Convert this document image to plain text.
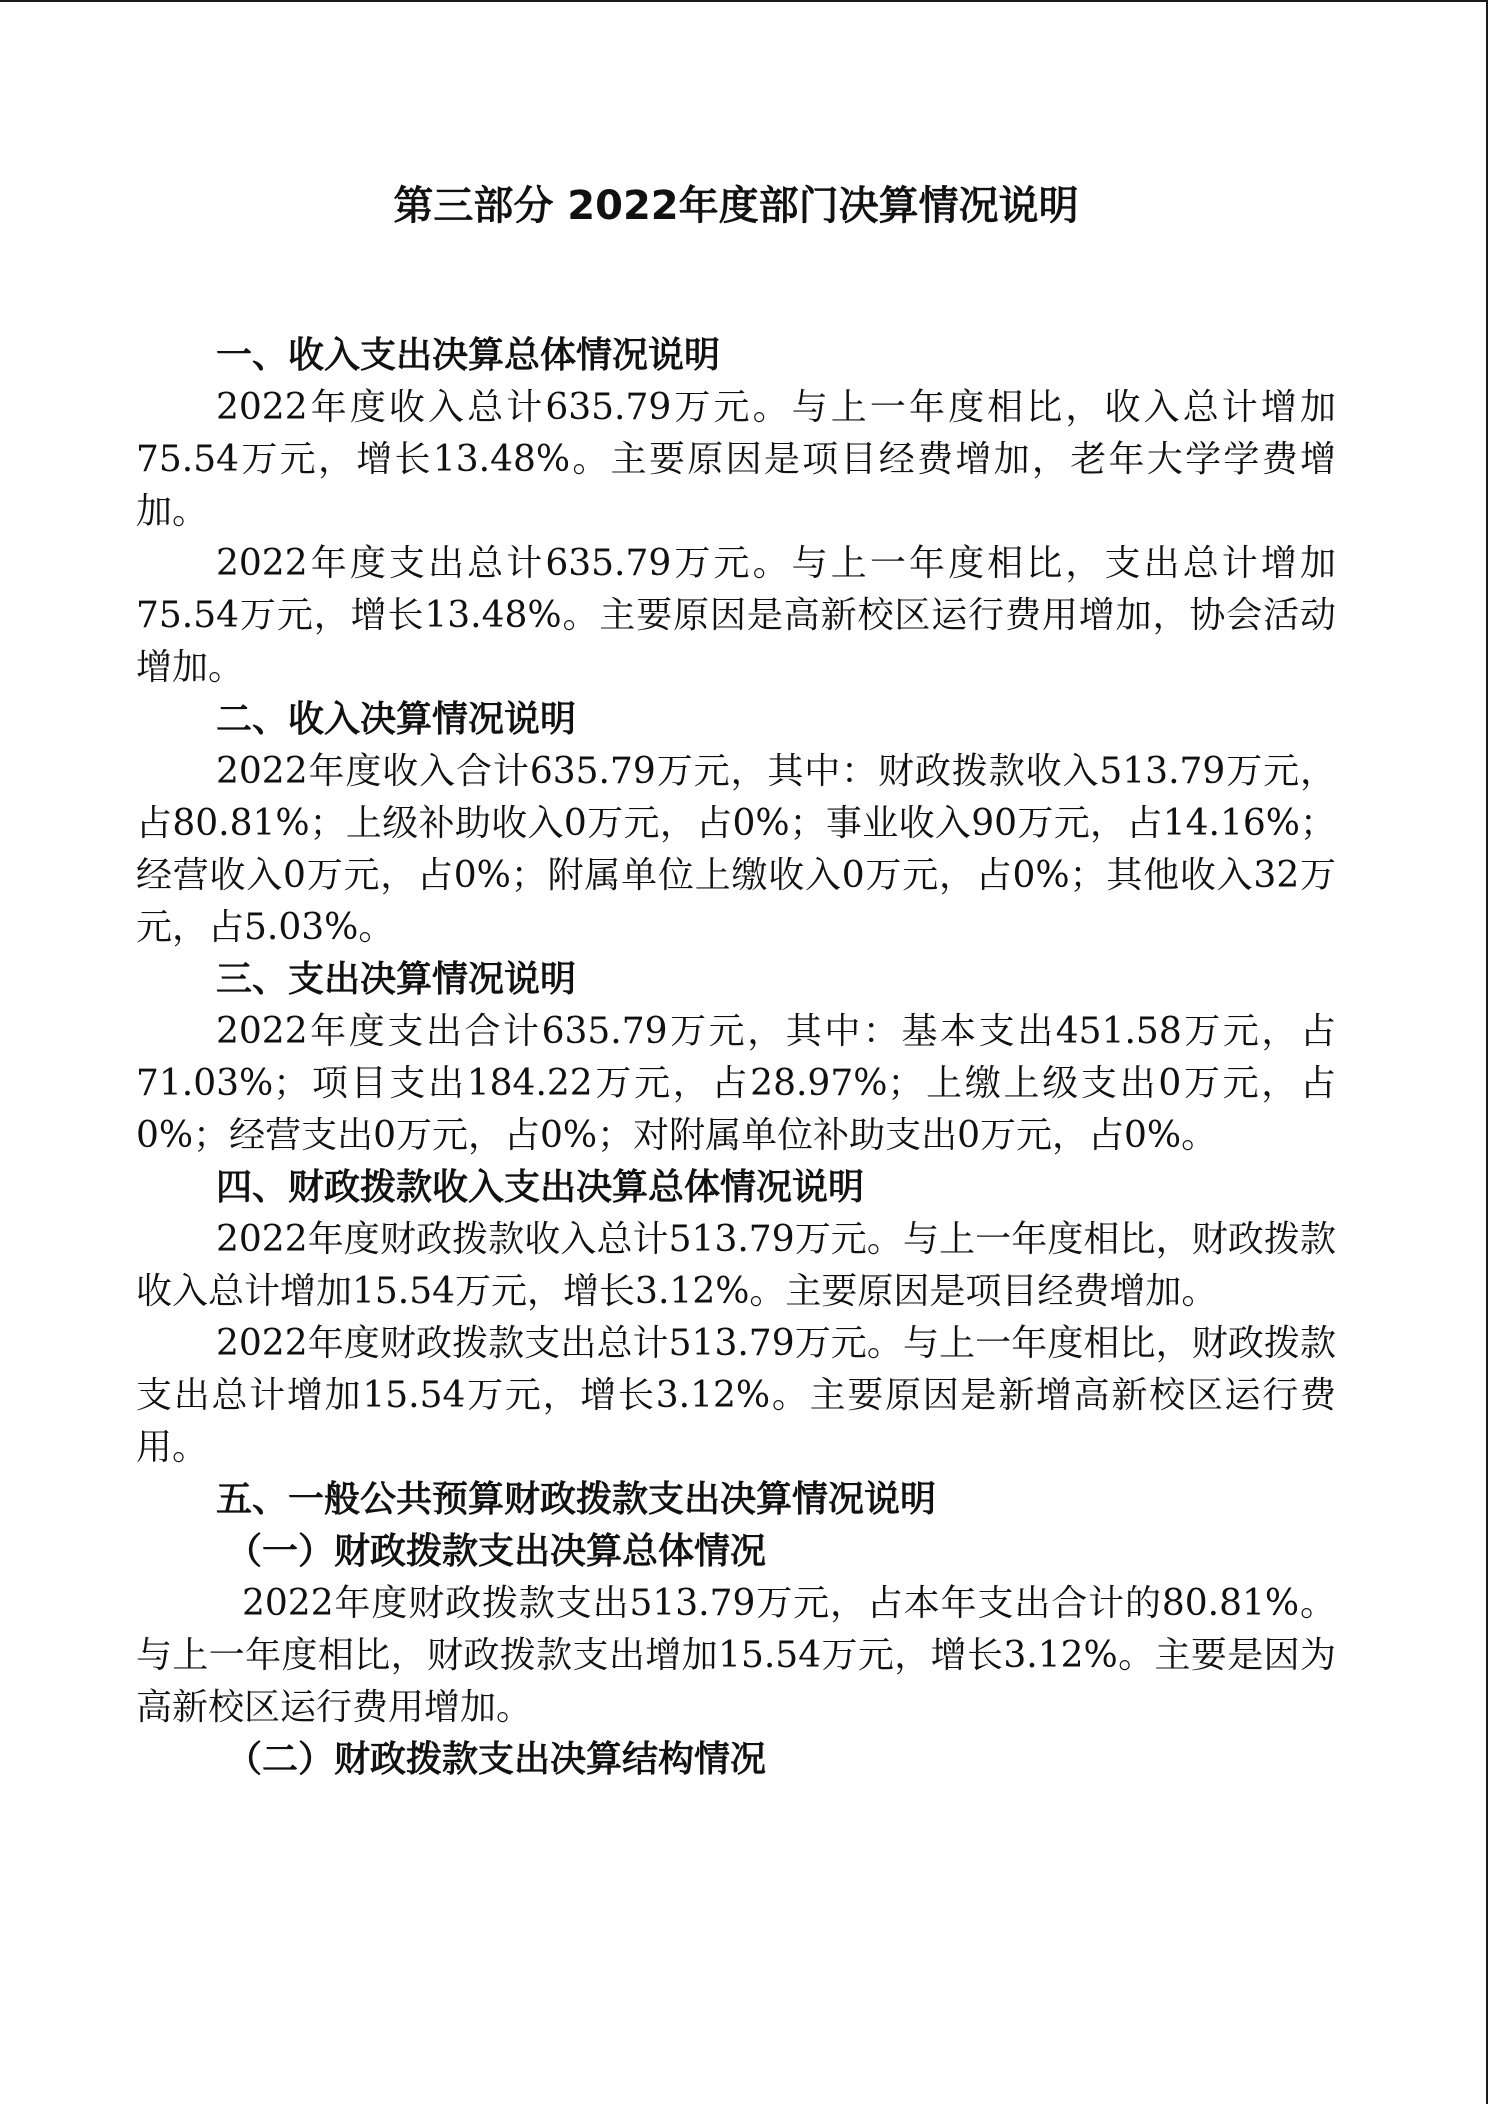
第三部分 2022年度部门决算情况说明

一、收入支出决算总体情况说明

2022年度收入总计635.79万元。与上一年度相比，收入总计增加75.54万元，增长13.48%。主要原因是项目经费增加，老年大学学费增加。

2022年度支出总计635.79万元。与上一年度相比，支出总计增加75.54万元，增长13.48%。主要原因是高新校区运行费用增加，协会活动增加。

二、收入决算情况说明

2022年度收入合计635.79万元，其中：财政拨款收入513.79万元，占80.81%；上级补助收入0万元，占0%；事业收入90万元，占14.16%；经营收入0万元，占0%；附属单位上缴收入0万元，占0%；其他收入32万元，占5.03%。

三、支出决算情况说明

2022年度支出合计635.79万元，其中：基本支出451.58万元，占71.03%；项目支出184.22万元，占28.97%；上缴上级支出0万元，占0%；经营支出0万元，占0%；对附属单位补助支出0万元，占0%。

四、财政拨款收入支出决算总体情况说明

2022年度财政拨款收入总计513.79万元。与上一年度相比，财政拨款收入总计增加15.54万元，增长3.12%。主要原因是项目经费增加。

2022年度财政拨款支出总计513.79万元。与上一年度相比，财政拨款支出总计增加15.54万元，增长3.12%。主要原因是新增高新校区运行费用。

五、一般公共预算财政拨款支出决算情况说明

（一）财政拨款支出决算总体情况

2022年度财政拨款支出513.79万元，占本年支出合计的80.81%。与上一年度相比，财政拨款支出增加15.54万元，增长3.12%。主要是因为高新校区运行费用增加。

（二）财政拨款支出决算结构情况
